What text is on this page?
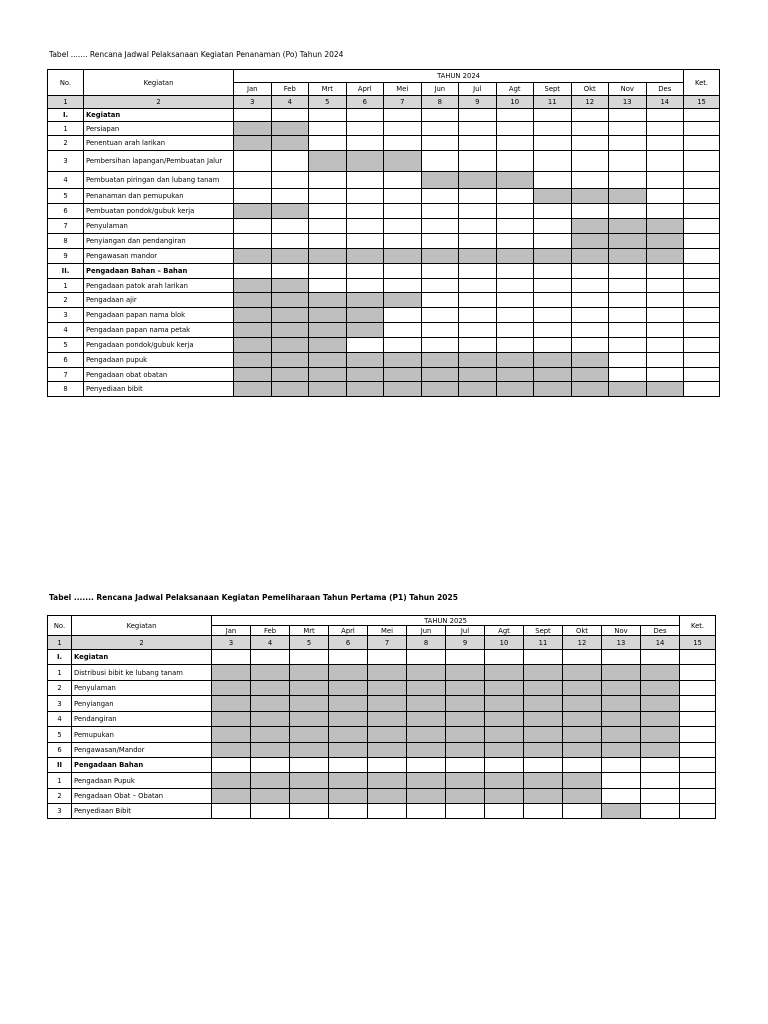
Tabel ....... Rencana Jadwal Pelaksanaan Kegiatan Penanaman (Po) Tahun 2024
No.	Kegiatan	TAHUN 2024												Ket.
		Jan	Feb	Mrt	Aprl	Mei	Jun	Jul	Agt	Sept	Okt	Nov	Des	
1	2	3	4	5	6	7	8	9	10	11	12	13	14	15
I.	Kegiatan													
1	Persiapan													
2	Penentuan arah larikan													
3	Pembersihan lapangan/Pembuatan Jalur													
4	Pembuatan piringan dan lubang tanam													
5	Penanaman dan pemupukan													
6	Pembuatan pondok/gubuk kerja													
7	Penyulaman													
8	Penyiangan dan pendangiran													
9	Pengawasan mandor													
II.	Pengadaan Bahan – Bahan													
1	Pengadaan patok arah larikan													
2	Pengadaan ajir													
3	Pengadaan papan nama blok													
4	Pengadaan papan nama petak													
5	Pengadaan pondok/gubuk kerja													
6	Pengadaan pupuk													
7	Pengadaan obat obatan													
8	Penyediaan bibit													
Tabel ....... Rencana Jadwal Pelaksanaan Kegiatan Pemeliharaan Tahun Pertama (P1) Tahun 2025
No.	Kegiatan	TAHUN 2025												Ket.
		Jan	Feb	Mrt	Aprl	Mei	Jun	Jul	Agt	Sept	Okt	Nov	Des	
1	2	3	4	5	6	7	8	9	10	11	12	13	14	15
I.	Kegiatan													
1	Distribusi bibit ke lubang tanam													
2	Penyulaman													
3	Penyiangan													
4	Pendangiran													
5	Pemupukan													
6	Pengawasan/Mandor													
II	Pengadaan Bahan													
1	Pengadaan Pupuk													
2	Pengadaan Obat – Obatan													
3	Penyediaan Bibit													
